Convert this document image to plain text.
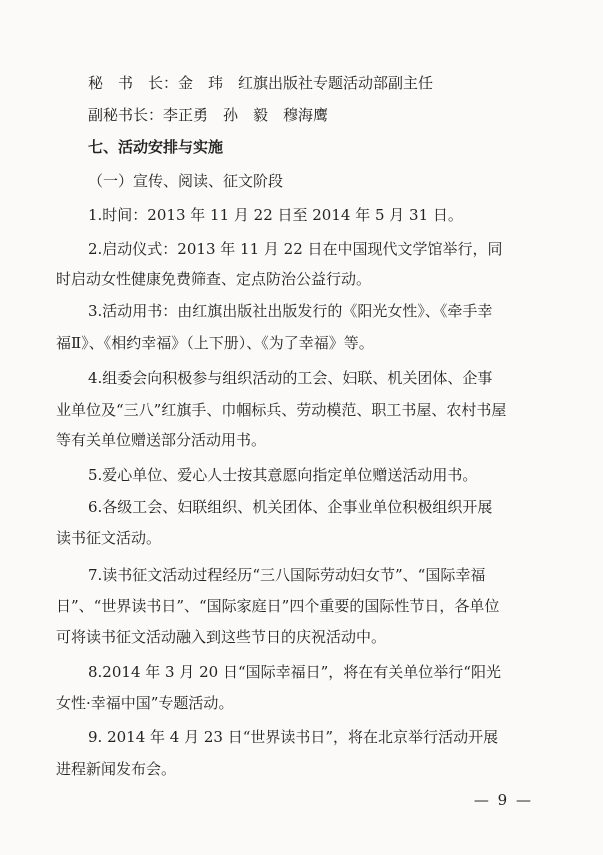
秘　书　长：金　玮　红旗出版社专题活动部副主任
副秘书长：李正勇　孙　毅　穆海鹰
七、活动安排与实施
（一）宣传、阅读、征文阶段
1.时间：2013 年 11 月 22 日至 2014 年 5 月 31 日。
2.启动仪式：2013 年 11 月 22 日在中国现代文学馆举行，同
时启动女性健康免费筛查、定点防治公益行动。
3.活动用书：由红旗出版社出版发行的《阳光女性》、《牵手幸
福Ⅱ》、《相约幸福》（上下册）、《为了幸福》等。
4.组委会向积极参与组织活动的工会、妇联、机关团体、企事
业单位及“三八”红旗手、巾帼标兵、劳动模范、职工书屋、农村书屋
等有关单位赠送部分活动用书。
5.爱心单位、爱心人士按其意愿向指定单位赠送活动用书。
6.各级工会、妇联组织、机关团体、企事业单位积极组织开展
读书征文活动。
7.读书征文活动过程经历“三八国际劳动妇女节”、“国际幸福
日”、“世界读书日”、“国际家庭日”四个重要的国际性节日，各单位
可将读书征文活动融入到这些节日的庆祝活动中。
8.2014 年 3 月 20 日“国际幸福日”，将在有关单位举行“阳光
女性·幸福中国”专题活动。
9. 2014 年 4 月 23 日“世界读书日”，将在北京举行活动开展
进程新闻发布会。
— 9 —
